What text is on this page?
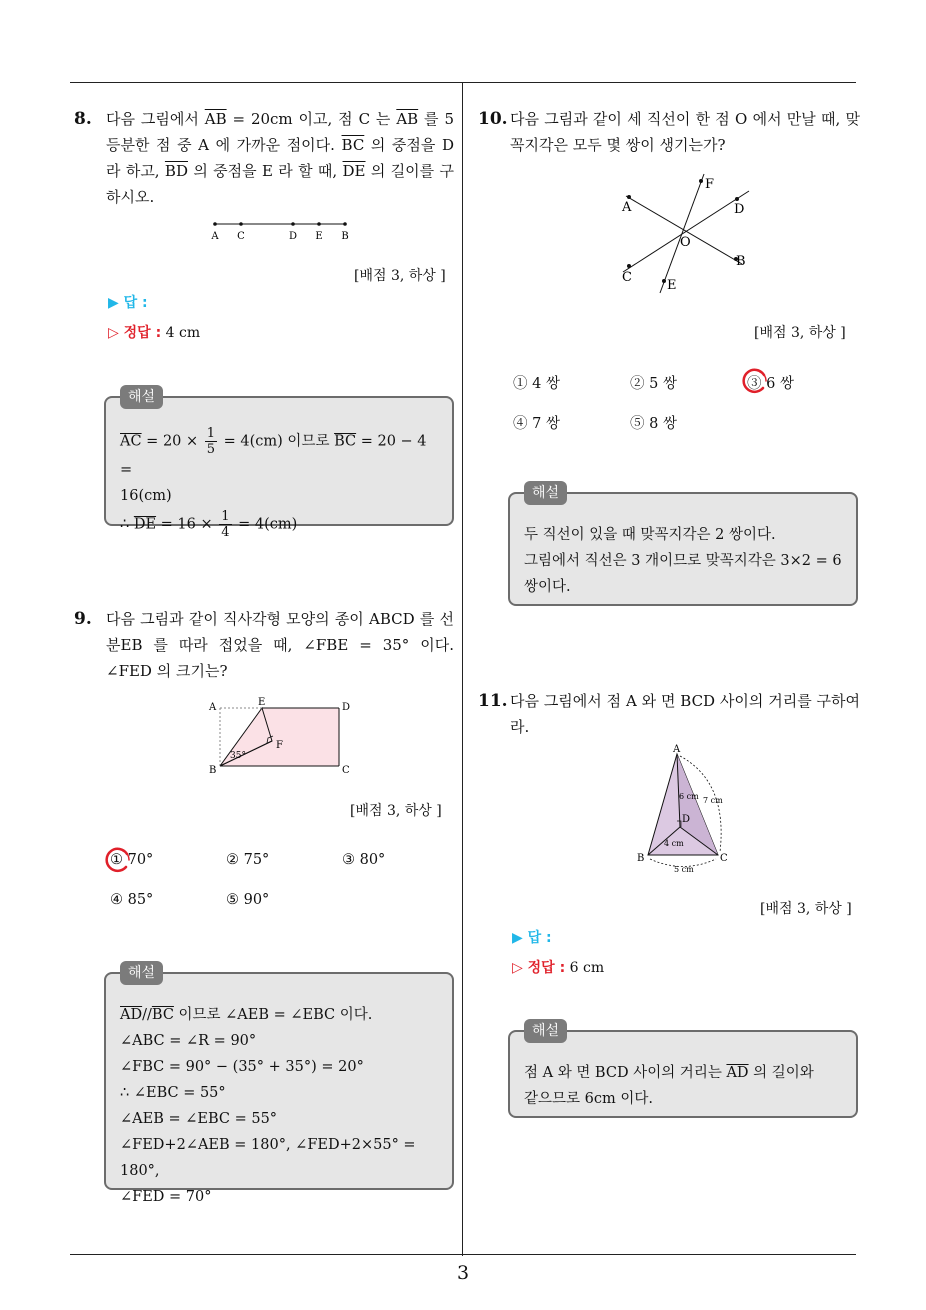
3
8. 다음 그림에서 $\overline{AB} = 20cm$ 이고, 점 C 는 $\overline{AB}$ 를 5 등분한 점 중 A 에 가까운 점이다. $\overline{BC}$ 의 중점을 D 라 하고, $\overline{BD}$ 의 중점을 E 라 할 때, $\overline{DE}$ 의 길이를 구하시오.
A C	D E B
[배점 3, 하상 ]
▶ 답 :
▷ 정답 : 4 cm
해설
$\overline{AC} = 20 \times \frac{1}{5} = 4(cm)$ 이므로 $\overline{BC} = 20 - 4$ =
16(cm)
∴ $\overline{DE} = 16 \times \frac{1}{4} = 4(cm)$
9. 다음 그림과 같이 직사각형 모양의 종이 ABCD 를 선분EB 를 따라 접었을 때, ∠FBE = 35° 이다. ∠FED 의 크기는?
A	E	D
F
B	C
35°
[배점 3, 하상 ]
① 70°	② 75°	③ 80°
④ 85°	⑤ 90°
해설
$\overline{AD}//\overline{BC}$ 이므로 ∠AEB = ∠EBC 이다.
∠ABC = ∠R = 90°
∠FBC = 90° − (35° + 35°) = 20°
∴ ∠EBC = 55°
∠AEB = ∠EBC = 55°
∠FED+2∠AEB = 180°, ∠FED+2×55° = 180°,
∠FED = 70°
10. 다음 그림과 같이 세 직선이 한 점 O 에서 만날 때, 맞꼭지각은 모두 몇 쌍이 생기는가?
A
F
D
O
B
C
E
[배점 3, 하상 ]
① 4 쌍	② 5 쌍	③ 6 쌍
④ 7 쌍	⑤ 8 쌍
해설
두 직선이 있을 때 맞꼭지각은 2 쌍이다.
그림에서 직선은 3 개이므로 맞꼭지각은 3×2 = 6
쌍이다.
11. 다음 그림에서 점 A 와 면 BCD 사이의 거리를 구하여라.
A
B	C
D
6 cm 7 cm
4 cm
5 cm
[배점 3, 하상 ]
▶ 답 :
▷ 정답 : 6 cm
해설
점 A 와 면 BCD 사이의 거리는 $\overline{AD}$ 의 길이와
같으므로 6cm 이다.
